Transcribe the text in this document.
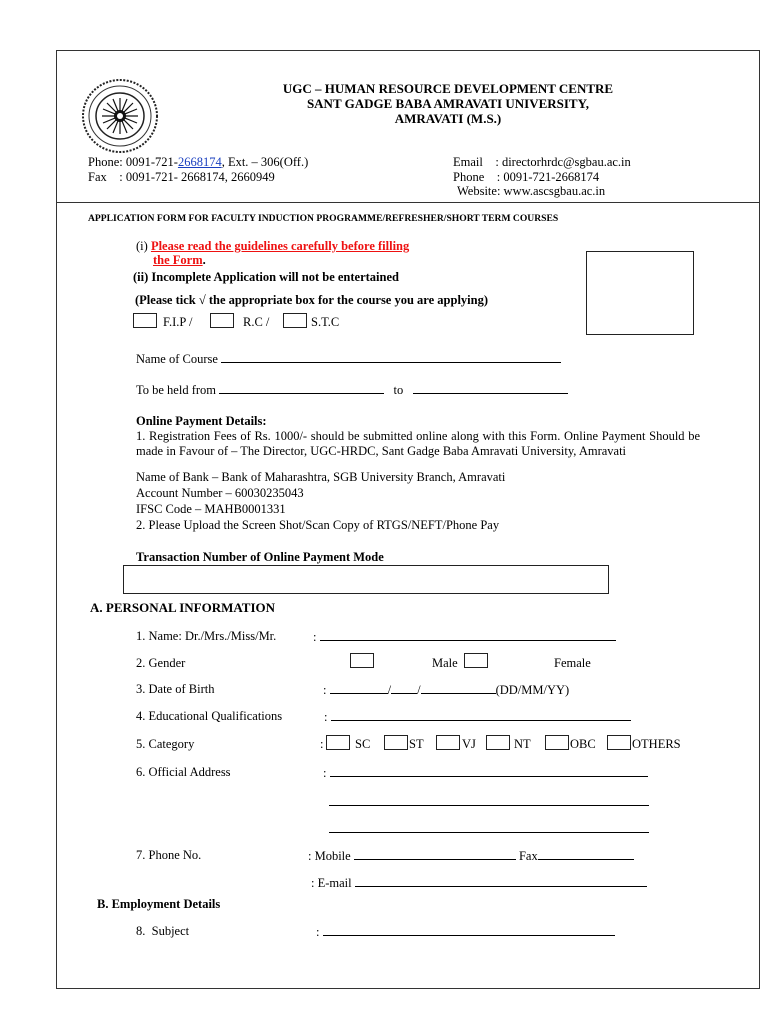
UGC – HUMAN RESOURCE DEVELOPMENT CENTRE
SANT GADGE BABA AMRAVATI UNIVERSITY,
AMRAVATI (M.S.)
Phone: 0091-721-2668174, Ext. – 306(Off.)
Fax    : 0091-721- 2668174, 2660949
Email    : directorhrdc@sgbau.ac.in
Phone    : 0091-721-2668174
Website: www.ascsgbau.ac.in
APPLICATION FORM FOR FACULTY INDUCTION PROGRAMME/REFRESHER/SHORT TERM COURSES
(i) Please read the guidelines carefully before filling
the Form.
(ii) Incomplete Application will not be entertained
(Please tick √ the appropriate box for the course you are applying)
F.I.P /	R.C /	S.T.C
Name of Course
To be held from	to
Online Payment Details:
1. Registration Fees of Rs. 1000/- should be submitted online along with this Form. Online Payment Should be made in Favour of – The Director, UGC-HRDC, Sant Gadge Baba Amravati University, Amravati
Name of Bank – Bank of Maharashtra, SGB University Branch, Amravati
Account Number – 60030235043
IFSC Code – MAHB0001331
2. Please Upload the Screen Shot/Scan Copy of RTGS/NEFT/Phone Pay
Transaction Number of Online Payment Mode
A. PERSONAL INFORMATION
1. Name: Dr./Mrs./Miss/Mr.	:
2. Gender	Male	Female
3. Date of Birth	:	/ /	(DD/MM/YY)
4. Educational Qualifications	:
5. Category	:	SC	ST	VJ	NT	OBC	OTHERS
6. Official Address	:
7. Phone No.	: Mobile	Fax
: E-mail
B. Employment Details
8.  Subject	:
